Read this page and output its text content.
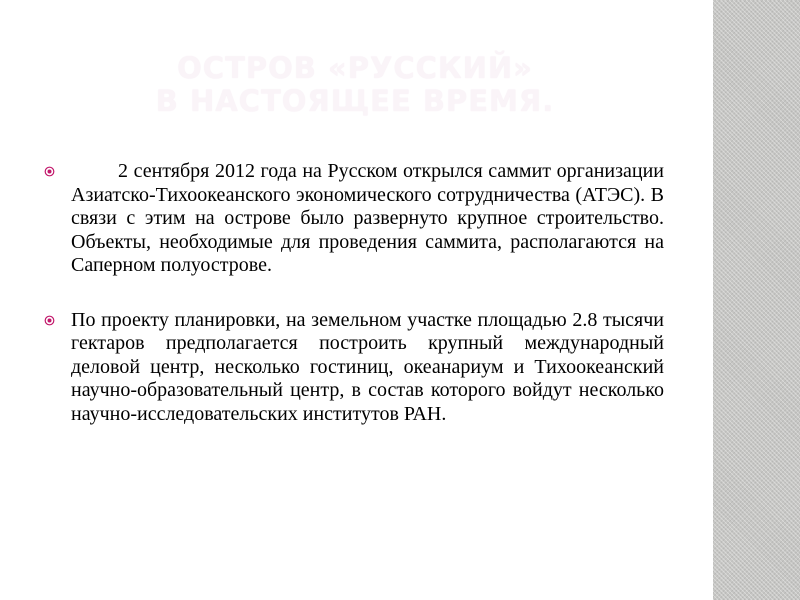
ОСТРОВ «РУССКИЙ»
В НАСТОЯЩЕЕ ВРЕМЯ.
2 сентября 2012 года на Русском открылся саммит организации Азиатско-Тихоокеанского экономического сотрудничества (АТЭС). В связи с этим на острове было развернуто крупное строительство. Объекты, необходимые для проведения саммита, располагаются на Саперном полуострове.
По проекту планировки, на земельном участке площадью 2.8 тысячи гектаров предполагается построить крупный международный деловой центр, несколько гостиниц, океанариум и Тихоокеанский научно-образовательный центр, в состав которого войдут несколько научно-исследовательских институтов РАН.
